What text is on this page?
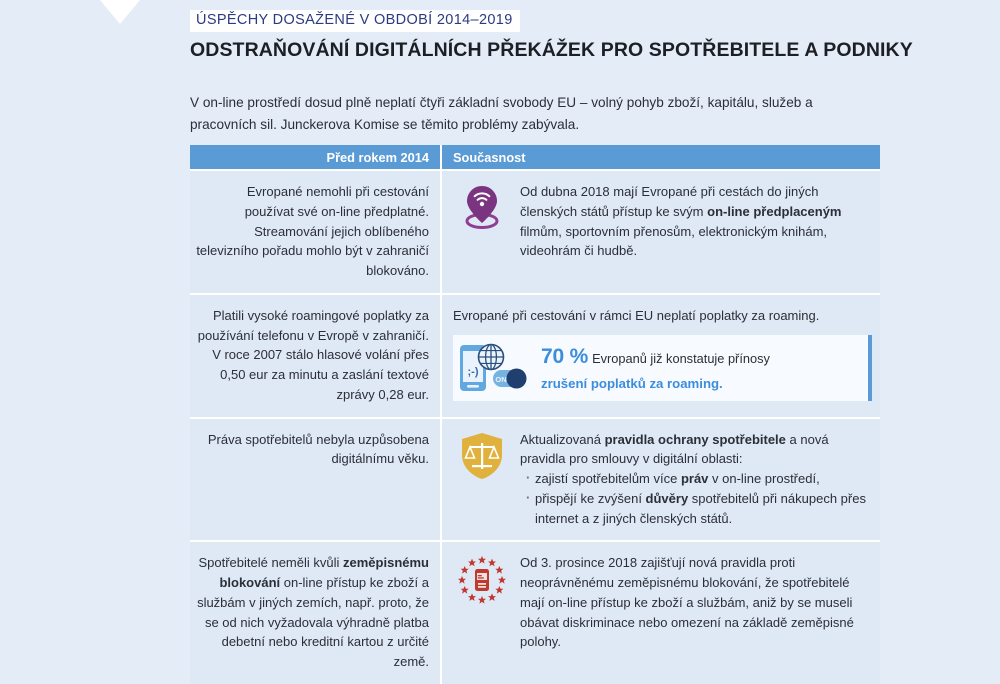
ÚSPĚCHY DOSAŽENÉ V OBDOBÍ 2014–2019
ODSTRAŇOVÁNÍ DIGITÁLNÍCH PŘEKÁŽEK PRO SPOTŘEBITELE A PODNIKY
V on-line prostředí dosud plně neplatí čtyři základní svobody EU – volný pohyb zboží, kapitálu, služeb a pracovních sil. Junckerova Komise se těmito problémy zabývala.
Před rokem 2014	Současnost
Evropané nemohli při cestování používat své on-line předplatné. Streamování jejich oblíbeného televizního pořadu mohlo být v zahraničí blokováno.
Od dubna 2018 mají Evropané při cestách do jiných členských států přístup ke svým on-line předplaceným filmům, sportovním přenosům, elektronickým knihám, videohrám či hudbě.
Platili vysoké roamingové poplatky za používání telefonu v Evropě v zahraničí. V roce 2007 stálo hlasové volání přes 0,50 eur za minutu a zaslání textové zprávy 0,28 eur.
Evropané při cestování v rámci EU neplatí poplatky za roaming.
;-)
ON
70 % Evropanů již konstatuje přínosy
zrušení poplatků za roaming.
Práva spotřebitelů nebyla uzpůsobena digitálnímu věku.
Aktualizovaná pravidla ochrany spotřebitele a nová pravidla pro smlouvy v digitální oblasti:
· zajistí spotřebitelům více práv v on-line prostředí,
· přispějí ke zvýšení důvěry spotřebitelů při nákupech přes internet a z jiných členských států.
Spotřebitelé neměli kvůli zeměpisnému blokování on-line přístup ke zboží a službám v jiných zemích, např. proto, že se od nich vyžadovala výhradně platba debetní nebo kreditní kartou z určité země.
Od 3. prosince 2018 zajišťují nová pravidla proti neoprávněnému zeměpisnému blokování, že spotřebitelé mají on-line přístup ke zboží a službám, aniž by se museli obávat diskriminace nebo omezení na základě zeměpisné polohy.
